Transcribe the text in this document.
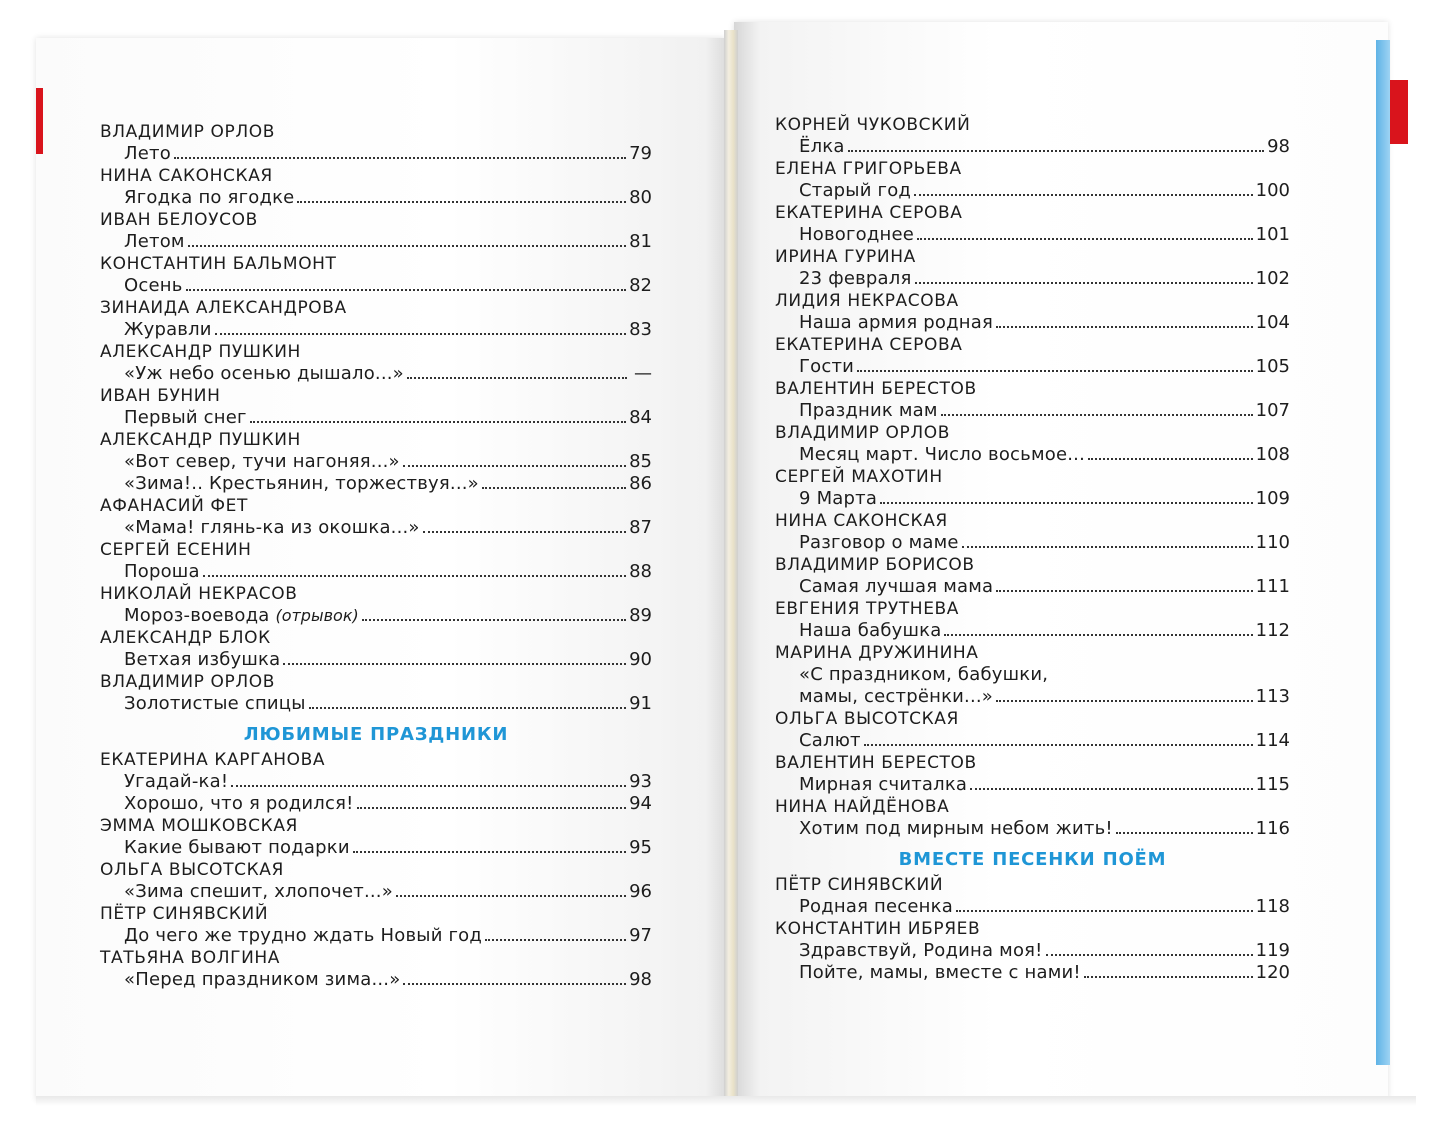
ВЛАДИМИР ОРЛОВ
Лето	79
НИНА САКОНСКАЯ
Ягодка по ягодке	80
ИВАН БЕЛОУСОВ
Летом	81
КОНСТАНТИН БАЛЬМОНТ
Осень	82
ЗИНАИДА АЛЕКСАНДРОВА
Журавли	83
АЛЕКСАНДР ПУШКИН
«Уж небо осенью дышало...»	—
ИВАН БУНИН
Первый снег	84
АЛЕКСАНДР ПУШКИН
«Вот север, тучи нагоняя...»	85
«Зима!.. Крестьянин, торжествуя...»	86
АФАНАСИЙ ФЕТ
«Мама! глянь-ка из окошка...»	87
СЕРГЕЙ ЕСЕНИН
Пороша	88
НИКОЛАЙ НЕКРАСОВ
Мороз-воевода (отрывок)	89
АЛЕКСАНДР БЛОК
Ветхая избушка	90
ВЛАДИМИР ОРЛОВ
Золотистые спицы	91
ЛЮБИМЫЕ ПРАЗДНИКИ
ЕКАТЕРИНА КАРГАНОВА
Угадай-ка!	93
Хорошо, что я родился!	94
ЭММА МОШКОВСКАЯ
Какие бывают подарки	95
ОЛЬГА ВЫСОТСКАЯ
«Зима спешит, хлопочет...»	96
ПЁТР СИНЯВСКИЙ
До чего же трудно ждать Новый год	97
ТАТЬЯНА ВОЛГИНА
«Перед праздником зима...»	98
КОРНЕЙ ЧУКОВСКИЙ
Ёлка	98
ЕЛЕНА ГРИГОРЬЕВА
Старый год	100
ЕКАТЕРИНА СЕРОВА
Новогоднее	101
ИРИНА ГУРИНА
23 февраля	102
ЛИДИЯ НЕКРАСОВА
Наша армия родная	104
ЕКАТЕРИНА СЕРОВА
Гости	105
ВАЛЕНТИН БЕРЕСТОВ
Праздник мам	107
ВЛАДИМИР ОРЛОВ
Месяц март. Число восьмое...	108
СЕРГЕЙ МАХОТИН
9 Марта	109
НИНА САКОНСКАЯ
Разговор о маме	110
ВЛАДИМИР БОРИСОВ
Самая лучшая мама	111
ЕВГЕНИЯ ТРУТНЕВА
Наша бабушка	112
МАРИНА ДРУЖИНИНА
«С праздником, бабушки,
мамы, сестрёнки...»	113
ОЛЬГА ВЫСОТСКАЯ
Салют	114
ВАЛЕНТИН БЕРЕСТОВ
Мирная считалка	115
НИНА НАЙДЁНОВА
Хотим под мирным небом жить!	116
ВМЕСТЕ ПЕСЕНКИ ПОЁМ
ПЁТР СИНЯВСКИЙ
Родная песенка	118
КОНСТАНТИН ИБРЯЕВ
Здравствуй, Родина моя!	119
Пойте, мамы, вместе с нами!	120
